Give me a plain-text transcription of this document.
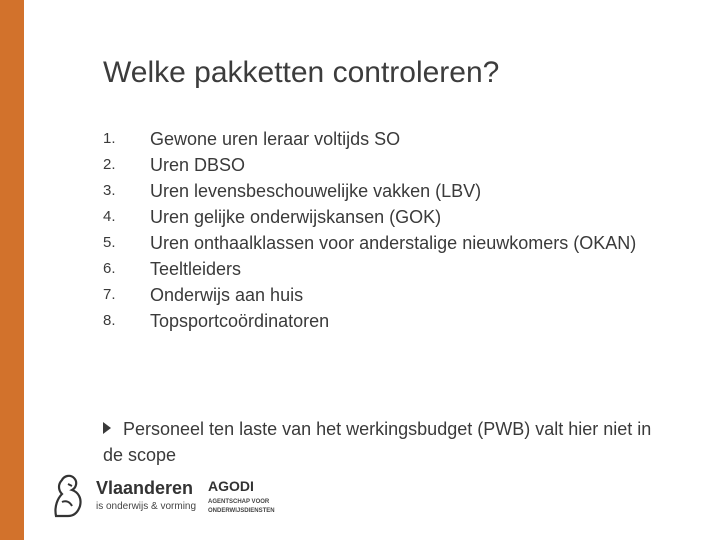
Welke pakketten controleren?
1.	Gewone uren leraar voltijds SO
2.	Uren DBSO
3.	Uren levensbeschouwelijke vakken (LBV)
4.	Uren gelijke onderwijskansen (GOK)
5.	Uren onthaalklassen voor anderstalige nieuwkomers (OKAN)
6.	Teeltleiders
7.	Onderwijs aan huis
8.	Topsportcoördinatoren
Personeel ten laste van het werkingsbudget (PWB) valt hier niet in de scope
Vlaanderen
is onderwijs & vorming
AGODI
AGENTSCHAP VOOR ONDERWIJSDIENSTEN
